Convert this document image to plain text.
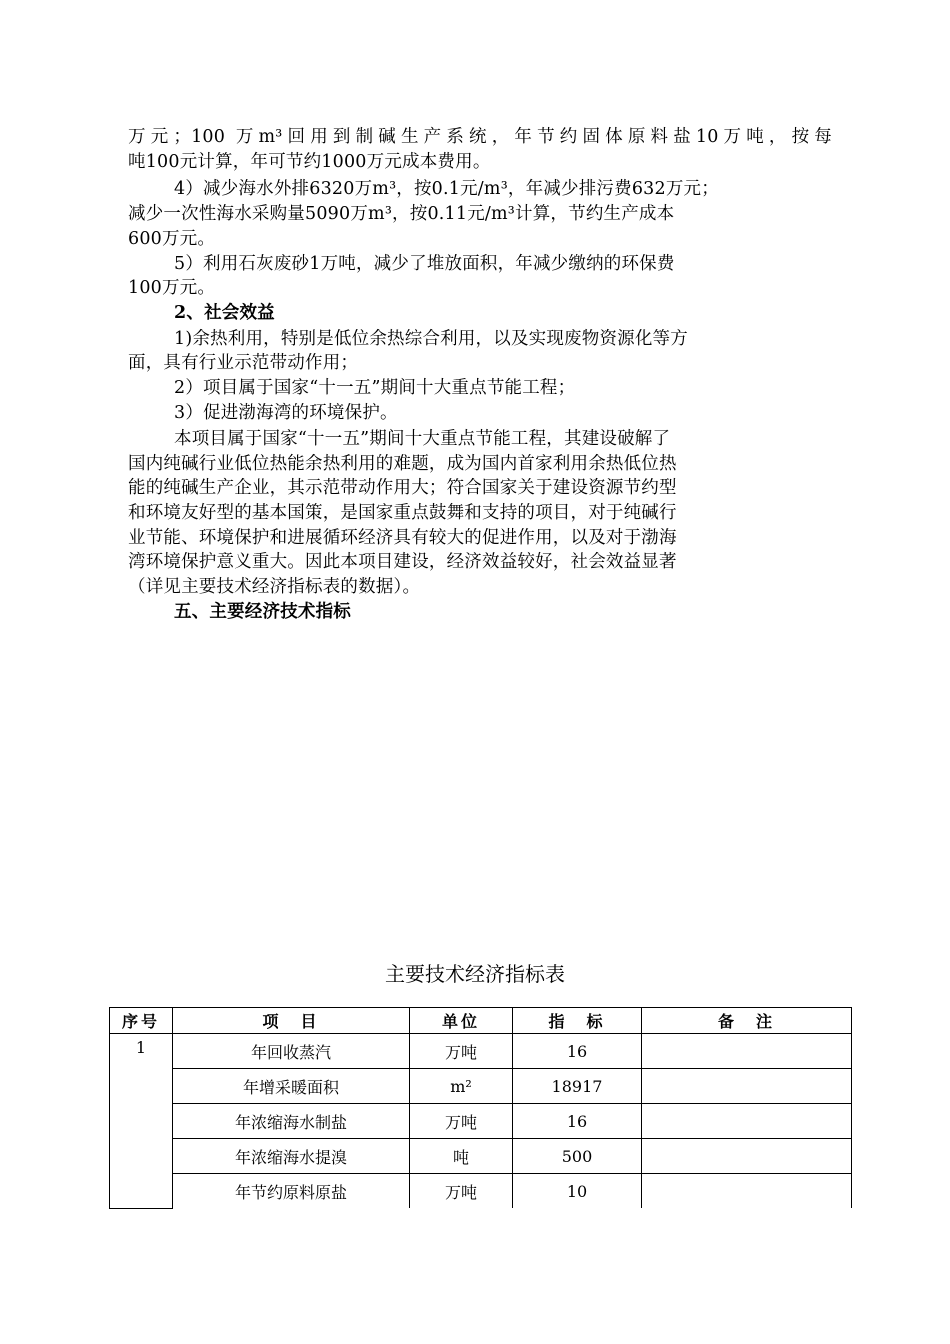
万元；100 万m³回用到制碱生产系统，年节约固体原料盐10万吨，按每
吨100元计算，年可节约1000万元成本费用。
4）减少海水外排6320万m³，按0.1元/m³，年减少排污费632万元；
减少一次性海水采购量5090万m³，按0.11元/m³计算，节约生产成本
600万元。
5）利用石灰废砂1万吨，减少了堆放面积，年减少缴纳的环保费
100万元。
2、社会效益
1)余热利用，特别是低位余热综合利用，以及实现废物资源化等方
面，具有行业示范带动作用；
2）项目属于国家“十一五”期间十大重点节能工程；
3）促进渤海湾的环境保护。
本项目属于国家“十一五”期间十大重点节能工程，其建设破解了
国内纯碱行业低位热能余热利用的难题，成为国内首家利用余热低位热
能的纯碱生产企业，其示范带动作用大；符合国家关于建设资源节约型
和环境友好型的基本国策，是国家重点鼓舞和支持的项目，对于纯碱行
业节能、环境保护和进展循环经济具有较大的促进作用，以及对于渤海
湾环境保护意义重大。因此本项目建设，经济效益较好，社会效益显著
（详见主要技术经济指标表的数据）。
五、主要经济技术指标
主要技术经济指标表
序号	项　目	单位	指　标	备　注
1	年回收蒸汽	万吨	16	
	年增采暖面积	m²	18917	
	年浓缩海水制盐	万吨	16	
	年浓缩海水提溴	吨	500	
	年节约原料原盐	万吨	10	
